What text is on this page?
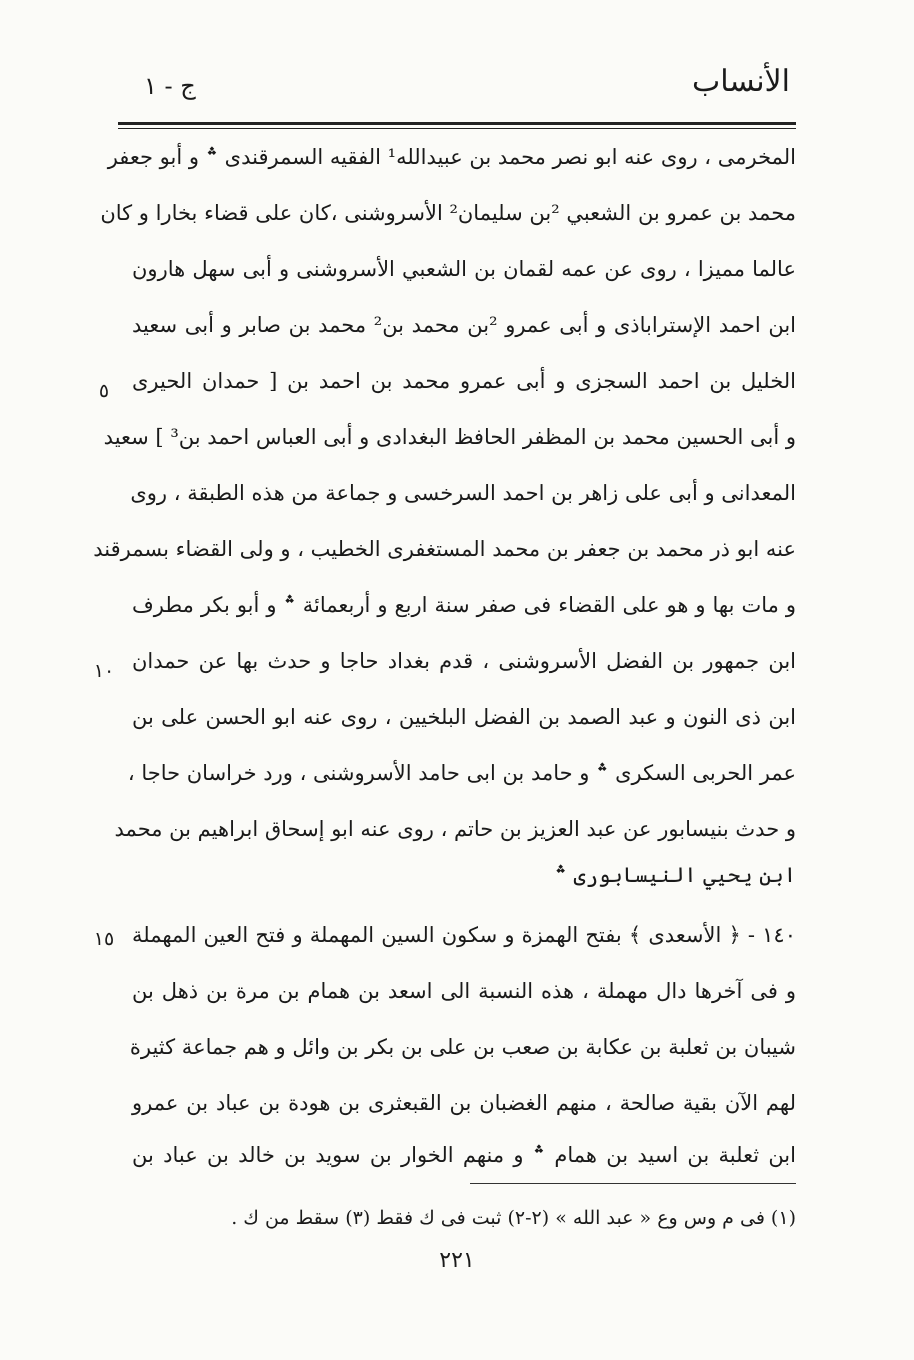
الأنساب
ج - ١
المخرمى ، روى عنه ابو نصر محمد بن عبيدالله¹ الفقيه السمرقندى ؞ و أبو جعفر
محمد بن عمرو بن الشعبي ²بن سليمان² الأسروشنى ،كان على قضاء بخارا و كان
عالما مميزا ، روى عن عمه لقمان بن الشعبي الأسروشنى و أبى سهل هارون
ابن احمد الإستراباذى و أبى عمرو ²بن محمد بن² محمد بن صابر و أبى سعيد
الخليل بن احمد السجزى و أبى عمرو محمد بن احمد بن [ حمدان الحيرى
و أبى الحسين محمد بن المظفر الحافظ البغدادى و أبى العباس احمد بن³ ] سعيد
المعدانى و أبى على زاهر بن احمد السرخسى و جماعة من هذه الطبقة ، روى
عنه ابو ذر محمد بن جعفر بن محمد المستغفرى الخطيب ، و ولى القضاء بسمرقند
و مات بها و هو على القضاء فى صفر سنة اربع و أربعمائة ؞ و أبو بكر مطرف
ابن جمهور بن الفضل الأسروشنى ، قدم بغداد حاجا و حدث بها عن حمدان
ابن ذى النون و عبد الصمد بن الفضل البلخيين ، روى عنه ابو الحسن على بن
عمر الحربى السكرى ؞ و حامد بن ابى حامد الأسروشنى ، ورد خراسان حاجا ،
و حدث بنيسابور عن عبد العزيز بن حاتم ، روى عنه ابو إسحاق ابراهيم بن محمد
ابن يحيي النيسابورى ؞
١٤٠ - ﴿ الأسعدى ﴾ بفتح الهمزة و سكون السين المهملة و فتح العين المهملة
و فى آخرها دال مهملة ، هذه النسبة الى اسعد بن همام بن مرة بن ذهل بن
شيبان بن ثعلبة بن عكابة بن صعب بن على بن بكر بن وائل و هم جماعة كثيرة
لهم الآن بقية صالحة ، منهم الغضبان بن القبعثرى بن هودة بن عباد بن عمرو
ابن ثعلبة بن اسيد بن همام ؞ و منهم الخوار بن سويد بن خالد بن عباد بن
٥
١٠
١٥
(١) فى م وس وع « عبد الله » (٢-٢) ثبت فى ك فقط (٣) سقط من ك .
٢٢١
